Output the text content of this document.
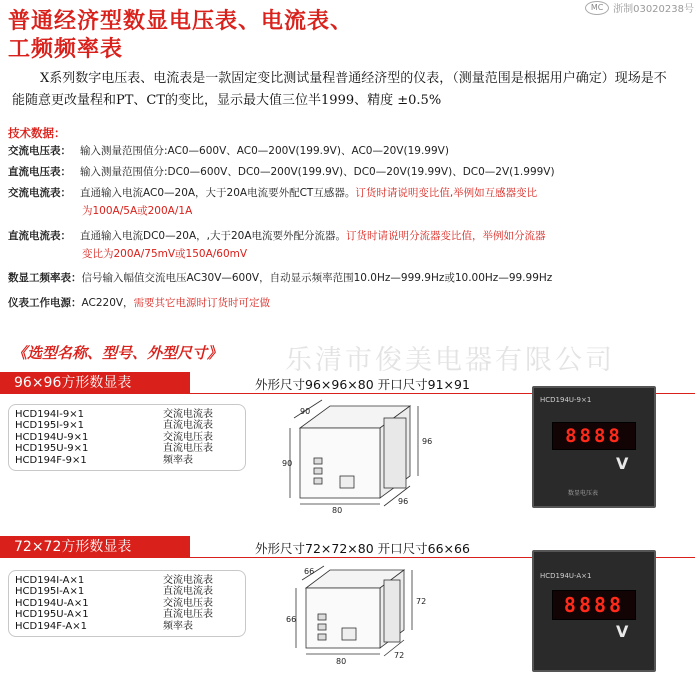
MC 浙制03020238号
普通经济型数显电压表、电流表、
工频频率表
X系列数字电压表、电流表是一款固定变比测试量程普通经济型的仪表，（测量范围是根据用户确定）现场是不能随意更改量程和PT、CT的变比，显示最大值三位半1999、精度 ±0.5%
技术数据：
交流电压表： 输入测量范围值分:AC0—600V、AC0—200V(199.9V)、AC0—20V(19.99V)
直流电压表： 输入测量范围值分:DC0—600V、DC0—200V(199.9V)、DC0—20V(19.99V)、DC0—2V(1.999V)
交流电流表： 直通输入电流AC0—20A，大于20A电流要外配CT互感器。订货时请说明变比值,举例如互感器变比
为100A/5A或200A/1A
直流电流表： 直通输入电流DC0—20A，,大于20A电流要外配分流器。订货时请说明分流器变比值，举例如分流器
变比为200A/75mV或150A/60mV
数显工频率表：信号输入幅值交流电压AC30V—600V，自动显示频率范围10.0Hz—999.9Hz或10.00Hz—99.99Hz
仪表工作电源：AC220V，需要其它电源时订货时可定做
乐清市俊美电器有限公司
《选型名称、型号、外型尺寸》
96×96方形数显表	外形尺寸96×96×80 开口尺寸91×91
HCD194I-9×1	交流电流表
HCD195I-9×1	直流电流表
HCD194U-9×1	交流电压表
HCD195U-9×1	直流电压表
HCD194F-9×1	频率表	90
80
96
96
90
HCD194U-9×1
8888
V
数显电压表
72×72方形数显表	外形尺寸72×72×80 开口尺寸66×66
HCD194I-A×1	交流电流表
HCD195I-A×1	直流电流表
HCD194U-A×1	交流电压表
HCD195U-A×1	直流电压表
HCD194F-A×1	频率表
66
80
72
72
66	HCD194U-A×1
8888
V
